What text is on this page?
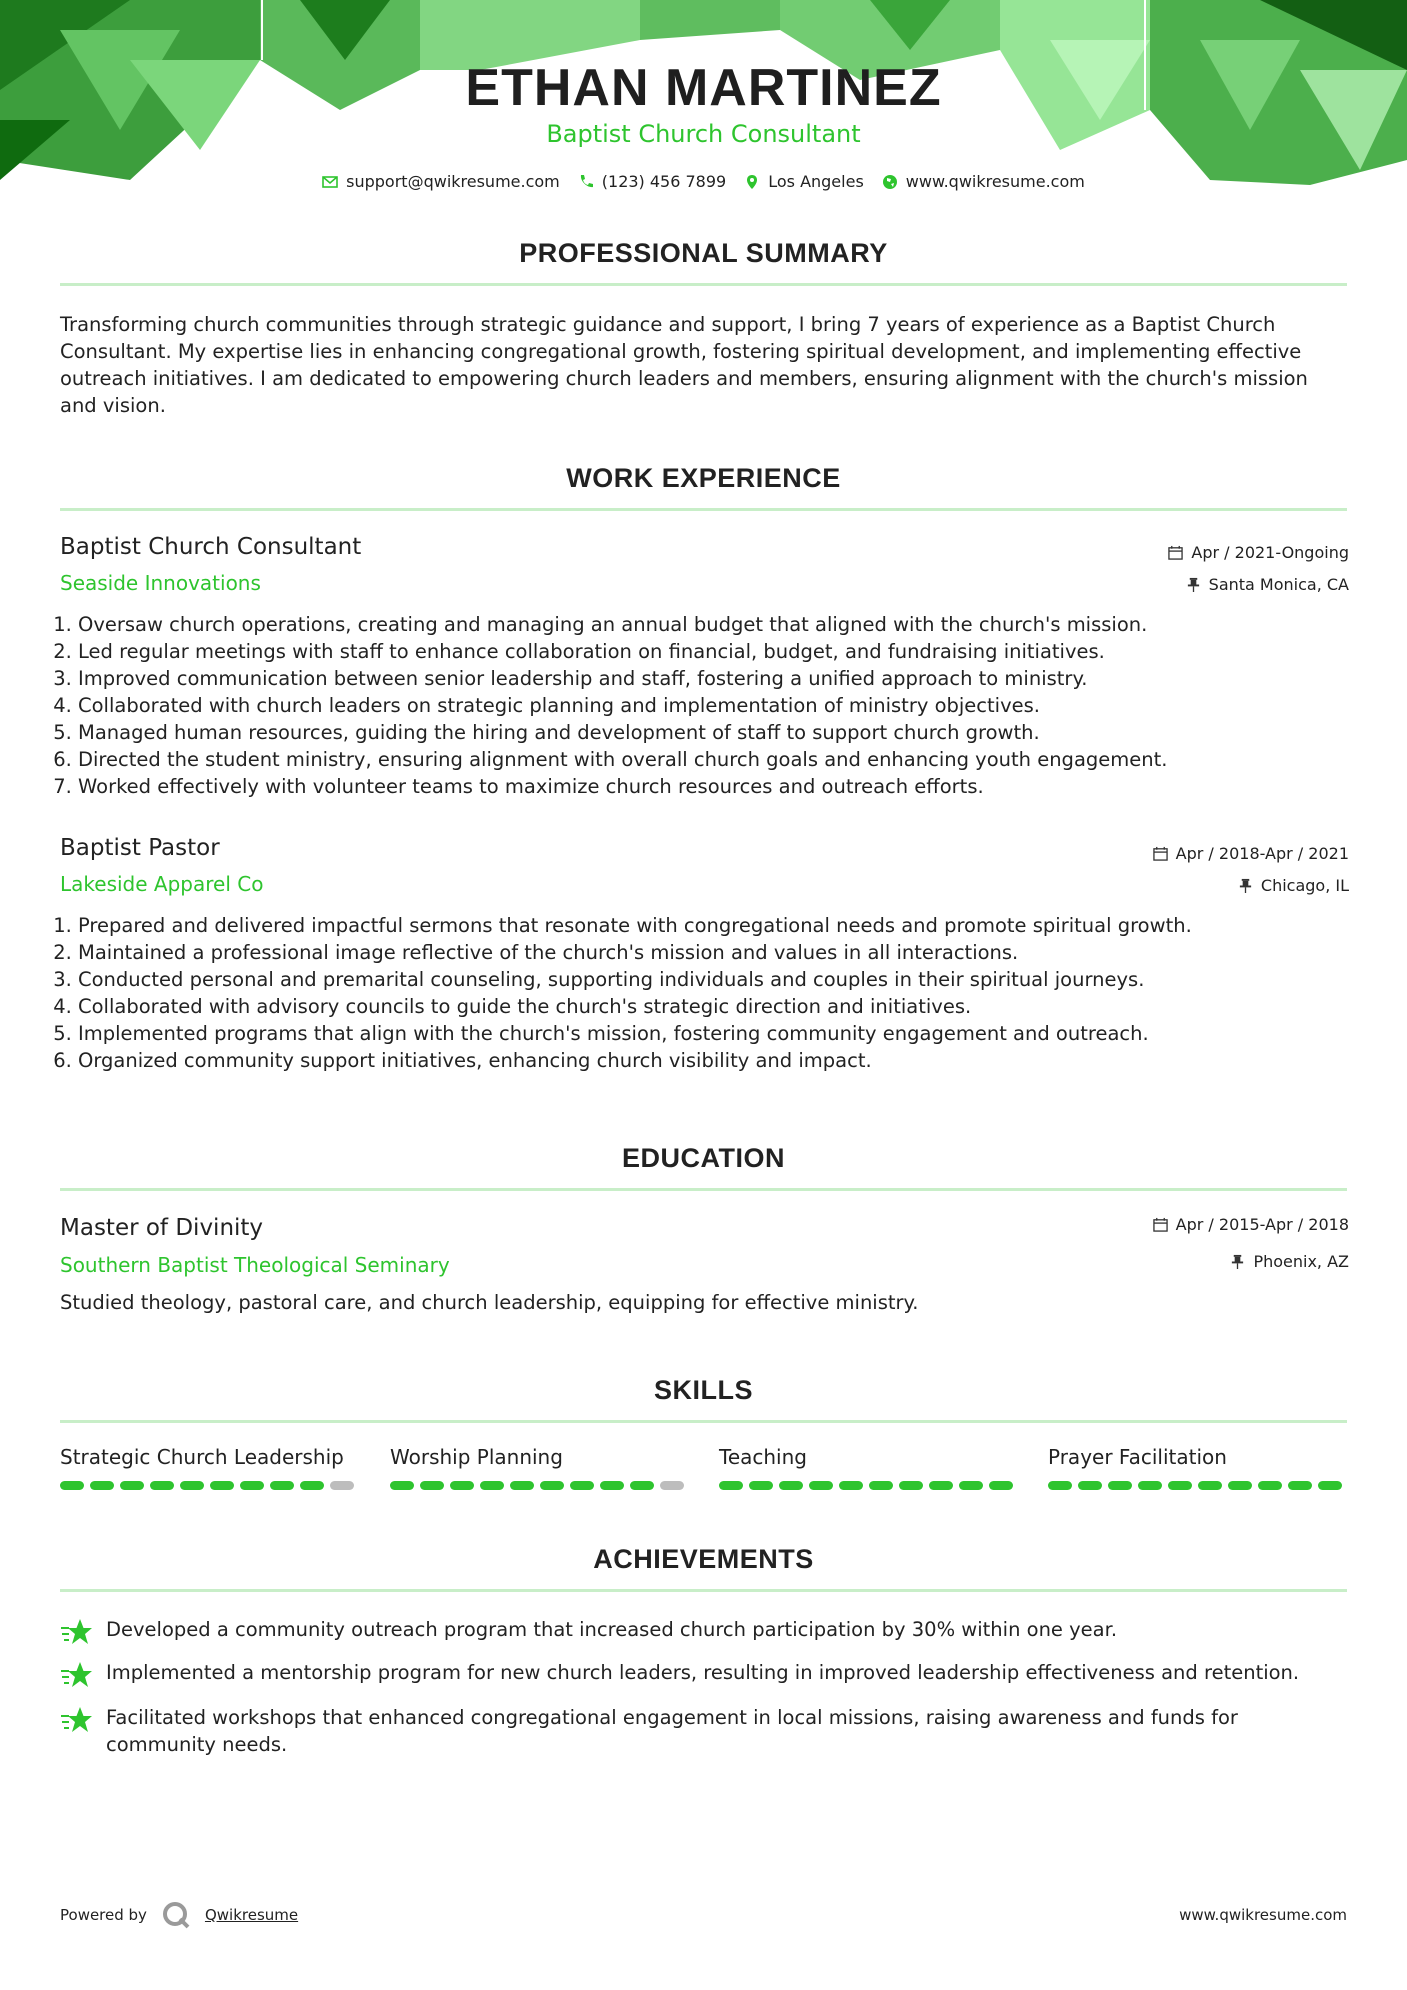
ETHAN MARTINEZ
Baptist Church Consultant
support@qwikresume.com	(123) 456 7899	Los Angeles	www.qwikresume.com
PROFESSIONAL SUMMARY
Transforming church communities through strategic guidance and support, I bring 7 years of experience as a Baptist Church Consultant. My expertise lies in enhancing congregational growth, fostering spiritual development, and implementing effective outreach initiatives. I am dedicated to empowering church leaders and members, ensuring alignment with the church's mission and vision.
WORK EXPERIENCE
Baptist Church Consultant
Seaside Innovations
Apr / 2021-Ongoing
Santa Monica, CA
1. Oversaw church operations, creating and managing an annual budget that aligned with the church's mission.
2. Led regular meetings with staff to enhance collaboration on financial, budget, and fundraising initiatives.
3. Improved communication between senior leadership and staff, fostering a unified approach to ministry.
4. Collaborated with church leaders on strategic planning and implementation of ministry objectives.
5. Managed human resources, guiding the hiring and development of staff to support church growth.
6. Directed the student ministry, ensuring alignment with overall church goals and enhancing youth engagement.
7. Worked effectively with volunteer teams to maximize church resources and outreach efforts.
Baptist Pastor
Lakeside Apparel Co
Apr / 2018-Apr / 2021
Chicago, IL
1. Prepared and delivered impactful sermons that resonate with congregational needs and promote spiritual growth.
2. Maintained a professional image reflective of the church's mission and values in all interactions.
3. Conducted personal and premarital counseling, supporting individuals and couples in their spiritual journeys.
4. Collaborated with advisory councils to guide the church's strategic direction and initiatives.
5. Implemented programs that align with the church's mission, fostering community engagement and outreach.
6. Organized community support initiatives, enhancing church visibility and impact.
EDUCATION
Master of Divinity
Southern Baptist Theological Seminary
Apr / 2015-Apr / 2018
Phoenix, AZ
Studied theology, pastoral care, and church leadership, equipping for effective ministry.
SKILLS
Strategic Church Leadership	Worship Planning	Teaching	Prayer Facilitation
ACHIEVEMENTS
Developed a community outreach program that increased church participation by 30% within one year.
Implemented a mentorship program for new church leaders, resulting in improved leadership effectiveness and retention.
Facilitated workshops that enhanced congregational engagement in local missions, raising awareness and funds for community needs.
Powered by	Qwikresume	www.qwikresume.com
